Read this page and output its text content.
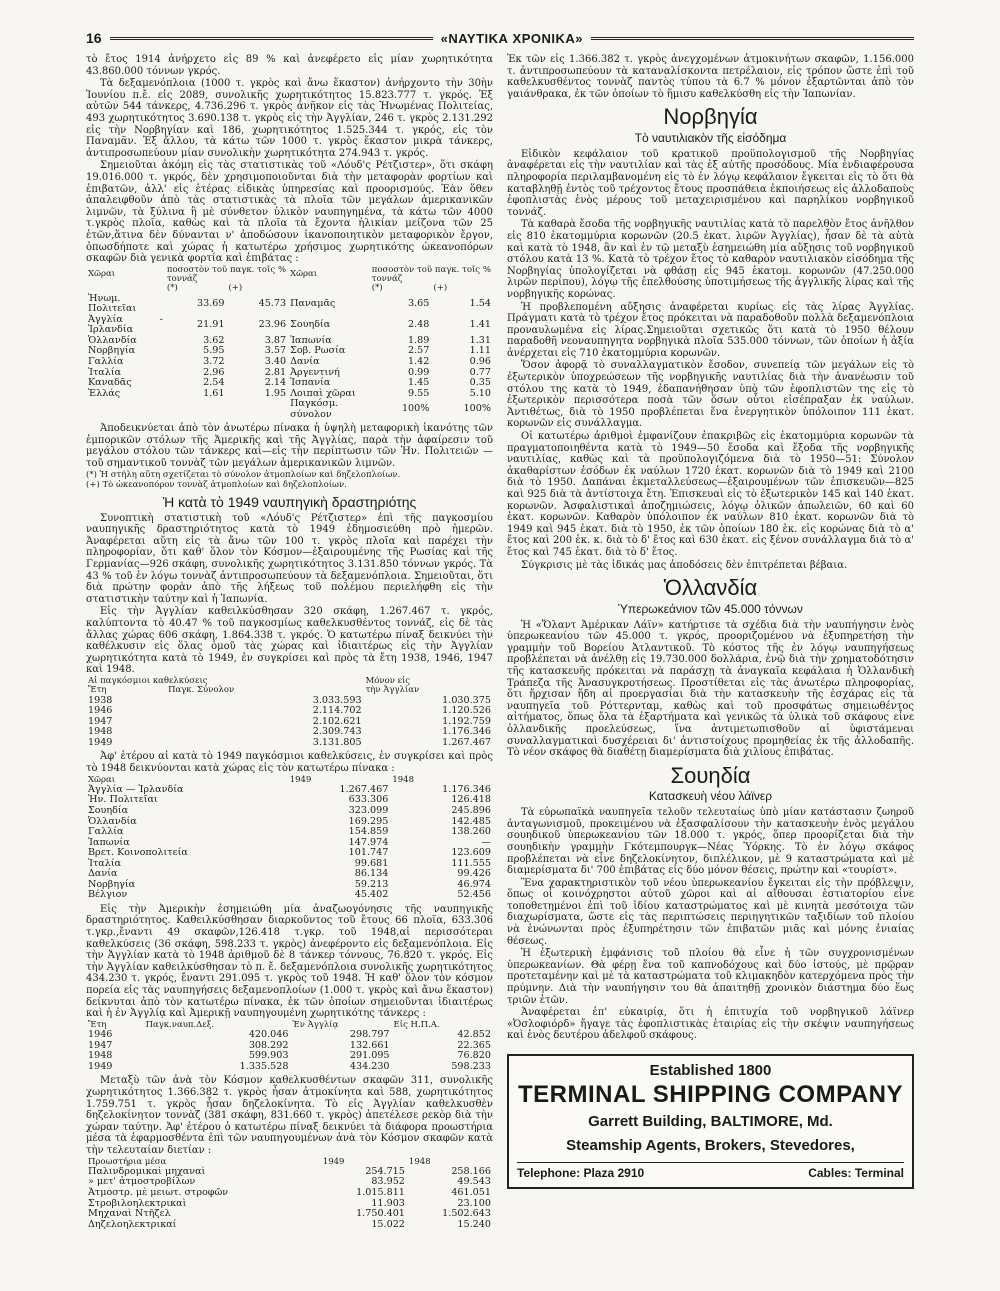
16	«ΝΑΥΤΙΚΑ ΧΡΟΝΙΚΑ»

τὸ ἔτος 1914 ἀνήρχετο εἰς 89 % καὶ ἀνεφέρετο εἰς μίαν χωρητικότητα 43.860.000 τόννων γκρός.

Τὰ δεξαμενόπλοια (1000 τ. γκρὸς καὶ ἄνω ἕκαστον) ἀνήρχοντο τὴν 30ὴν Ἰουνίου π.ἔ. εἰς 2089, συνολικῆς χωρητικότητος 15.823.777 τ. γκρός. Ἐξ αὐτῶν 544 τάνκερς, 4.736.296 τ. γκρὸς ἀνῆκον εἰς τὰς Ἡνωμένας Πολιτείας, 493 χωρητικότητος 3.690.138 τ. γκρὸς εἰς τὴν Ἀγγλίαν, 246 τ. γκρὸς 2.131.292 εἰς τὴν Νορβηγίαν καὶ 186, χωρητικότητος 1.525.344 τ. γκρός, εἰς τὸν Παναμᾶν. Ἐξ ἄλλου, τὰ κάτω τῶν 1000 τ. γκρὸς ἕκαστον μικρὰ τάνκερς, ἀντιπροσωπεύουν μίαν συνολικὴν χωρητικότητα 274.943 τ. γκρός.

Σημειοῦται ἀκόμη εἰς τὰς στατιστικὰς τοῦ «Λόυδ'ς Ρέτζιστερ», ὅτι σκάφη 19.016.000 τ. γκρός, δὲν χρησιμοποιοῦνται διὰ τὴν μεταφορὰν φορτίων καὶ ἐπιβατῶν, ἀλλ' εἰς ἑτέρας εἰδικὰς ὑπηρεσίας καὶ προορισμούς. Ἐὰν ὅθεν ἀπαλειφθοῦν ἀπὸ τὰς στατιστικὰς τὰ πλοῖα τῶν μεγάλων ἀμερικανικῶν λιμνῶν, τὰ ξύλινα ἢ μὲ σύνθετον ὑλικὸν ναυπηγημένα, τὰ κάτω τῶν 4000 τ.γκρὸς πλοῖα, καθὼς καὶ τὰ πλοῖα τὰ ἔχοντα ἡλικίαν μείζονα τῶν 25 ἐτῶν,ἅτινα δὲν δύνανται ν' ἀποδώσουν ἱκανοποιητικὸν μεταφορικὸν ἔργον, ὁπωσδήποτε καὶ χώρας ἡ κατωτέρω χρήσιμος χωρητικότης ὠκεανοπόρων σκαφῶν διὰ γενικὰ φορτία καὶ ἐπιβάτας :

Χῶραι	ποσοστὸν τοῦ παγκ. τοῖς % τοννάζ		Χῶραι	ποσοστὸν τοῦ παγκ. τοῖς % τοννάζ	
	(*)	(+)		(*)	(+)
Ἡνωμ. Πολιτεῖαι	33.69	45.73	Παναμᾶς	3.65	1.54
Ἀγγλία - Ἰρλανδία	21.91	23.96	Σουηδία	2.48	1.41
Ὁλλανδία	3.62	3.87	Ἰαπωνία	1.89	1.31
Νορβηγία	5.95	3.57	Σοβ. Ρωσία	2.57	1.11
Γαλλία	3.72	3.40	Δανία	1.42	0.96
Ἰταλία	2.96	2.81	Ἀργεντινή	0.99	0.77
Καναδᾶς	2.54	2.14	Ἱσπανία	1.45	0.35
Ἑλλάς	1.61	1.95	Λοιπαὶ χῶραι	9.55	5.10
			Παγκόσμ. σύνολον	100%	100%

Ἀποδεικνύεται ἀπὸ τὸν ἀνωτέρω πίνακα ἡ ὑψηλὴ μεταφορικὴ ἱκανότης τῶν ἐμπορικῶν στόλων τῆς Ἀμερικῆς καὶ τῆς Ἀγγλίας, παρὰ τὴν ἀφαίρεσιν τοῦ μεγάλου στόλου τῶν τάνκερς καὶ—εἰς τὴν περίπτωσιν τῶν Ἡν. Πολιτειῶν —τοῦ σημαντικοῦ τοννὰζ τῶν μεγάλων ἀμερικανικῶν λιμνῶν.

(*) Ἡ στήλη αὕτη σχετίζεται τὸ σύνολον ἀτμοπλοίων καὶ δηζελοπλοίων.
(+) Τὸ ὠκεανοπόρον τοννὰζ ἀτμοπλοίων καὶ δηζελοπλοίων.
Ἡ κατὰ τὸ 1949 ναυπηγικὴ δραστηριότης

Συνοπτικὴ στατιστικὴ τοῦ «Λόυδ'ς Ρέτζιστερ» ἐπὶ τῆς παγκοσμίου ναυπηγικῆς δραστηριότητος κατὰ τὸ 1949 ἐδημοσιεύθη πρὸ ἡμερῶν. Ἀναφέρεται αὕτη εἰς τὰ ἄνω τῶν 100 τ. γκρὸς πλοῖα καὶ παρέχει τὴν πληροφορίαν, ὅτι καθ' ὅλον τὸν Κόσμον—ἐξαιρουμένης τῆς Ρωσίας καὶ τῆς Γερμανίας—926 σκάφη, συνολικῆς χωρητικότητος 3.131.850 τόννων γκρός. Τὰ 43 % τοῦ ἐν λόγω τοννὰζ ἀντιπροσωπεύουν τὰ δεξαμενόπλοια. Σημειοῦται, ὅτι διὰ πρώτην φορὰν ἀπὸ τῆς λήξεως τοῦ πολέμου περιελήφθη εἰς τὴν στατιστικὴν ταύτην καὶ ἡ Ἰαπωνία.

Εἰς τὴν Ἀγγλίαν καθειλκύσθησαν 320 σκάφη, 1.267.467 τ. γκρός, καλύπτοντα τὸ 40.47 % τοῦ παγκοσμίως καθελκυσθέντος τοννάζ, εἰς δὲ τὰς ἄλλας χώρας 606 σκάφη, 1.864.338 τ. γκρός. Ὁ κατωτέρω πίναξ δεικνύει τὴν καθέλκυσιν εἰς ὅλας ὁμοῦ τὰς χώρας καὶ ἰδιαιτέρως εἰς τὴν Ἀγγλίαν χωρητικότητα κατὰ τὸ 1949, ἐν συγκρίσει καὶ πρὸς τὰ ἔτη 1938, 1946, 1947 καὶ 1948.

Αἱ παγκόσμιοι καθελκύσεις		Μόνον εἰς
Ἔτη	Παγκ. Σύνολον	τὴν Ἀγγλίαν
1938	3.033.593	1.030.375
1946	2.114.702	1.120.526
1947	2.102.621	1.192.759
1948	2.309.743	1.176.346
1949	3.131.805	1.267.467

Ἀφ' ἑτέρου αἱ κατὰ τὸ 1949 παγκόσμιοι καθελκύσεις, ἐν συγκρίσει καὶ πρὸς τὸ 1948 δεικνύονται κατὰ χώρας εἰς τὸν κατωτέρω πίνακα :

Χῶραι	1949	1948
Ἀγγλία — Ἰρλανδία	1.267.467	1.176.346
Ἡν. Πολιτεῖαι	633.306	126.418
Σουηδία	323.099	245.896
Ὁλλανδία	169.295	142.485
Γαλλία	154.859	138.260
Ἰαπωνία	147.974	—
Βρετ. Κοινοπολιτεία	101.747	123.609
Ἰταλία	99.681	111.555
Δανία	86.134	99.426
Νορβηγία	59.213	46.974
Βέλγιον	45.402	52.456

Εἰς τὴν Ἀμερικὴν ἐσημειώθη μία ἀναζωογόνησις τῆς ναυπηγικῆς δραστηριότητος. Καθειλκύσθησαν διαρκοῦντος τοῦ ἔτους 66 πλοῖα, 633.306 τ.γκρ.,ἔναντι 49 σκαφῶν,126.418 τ.γκρ. τοῦ 1948,αἱ περισσότεραι καθελκύσεις (36 σκάφη, 598.233 τ. γκρὸς) ἀνεφέροντο εἰς δεξαμενόπλοια. Εἰς τὴν Ἀγγλίαν κατὰ τὸ 1948 ἀριθμοῦ δὲ 8 τάνκερ τόννους, 76.820 τ. γκρός. Εἰς τὴν Ἀγγλίαν καθειλκύσθησαν τὸ π. ἔ. δεξαμενόπλοια συνολικῆς χωρητικότητος 434.230 τ. γκρός, ἔναντι 291.095 τ. γκρὸς τοῦ 1948. Ἡ καθ' ὅλον τὸν κόσμον πορεία εἰς τὰς ναυπηγήσεις δεξαμενοπλοίων (1.000 τ. γκρὸς καὶ ἄνω ἕκαστον) δείκνυται ἀπὸ τὸν κατωτέρω πίνακα, ἐκ τῶν ὁποίων σημειοῦνται ἰδιαιτέρως καὶ ἡ ἐν Ἀγγλίᾳ καὶ Ἀμερικῇ ναυπηγουμένη χωρητικότης τάνκερς :

Ἔτη	Παγκ.ναυπ.Δεξ.	Ἐν Ἀγγλίᾳ	Εἰς Η.Π.Α.
1946	420.046	298.797	42.852
1947	308.292	132.661	22.365
1948	599.903	291.095	76.820
1949	1.335.528	434.230	598.233

Μεταξὺ τῶν ἀνὰ τὸν Κόσμον καθελκυσθέντων σκαφῶν 311, συνολικῆς χωρητικότητος 1.366.382 τ. γκρὸς ἦσαν ἀτμοκίνητα καὶ 588, χωρητικότητος 1.759.751 τ. γκρὸς ἦσαν δηζελοκίνητα. Τὸ εἰς Ἀγγλίαν καθελκυσθὲν δηζελοκίνητον τοννὰζ (381 σκάφη, 831.660 τ. γκρὸς) ἀπετέλεσε ρεκὸρ διὰ τὴν χώραν ταύτην. Ἀφ' ἑτέρου ὁ κατωτέρω πίναξ δεικνύει τὰ διάφορα προωστήρια μέσα τὰ ἐφαρμοσθέντα ἐπὶ τῶν ναυπηγουμένων ἀνὰ τὸν Κόσμον σκαφῶν κατὰ τὴν τελευταίαν διετίαν :

Προωστήρια μέσα	1949	1948
Παλινδρομικαὶ μηχαναὶ	254.715	258.166
» μετ' ἀτμοστροβίλων	83.952	49.543
Ἀτμοστρ. μὲ μειωτ. στροφῶν	1.015.811	461.051
Στροβιλοηλεκτρικαὶ	11.903	23.100
Μηχαναὶ Ντῆζελ	1.750.401	1.502.643
Δηζελοηλεκτρικαί	15.022	15.240

Ἐκ τῶν εἰς 1.366.382 τ. γκρὸς ἀνεγχομένων ἀτμοκινήτων σκαφῶν, 1.156.000 τ. ἀντιπροσωπεύουν τὰ καταναλίσκοντα πετρέλαιον, εἰς τρόπον ὥστε ἐπὶ τοῦ καθελκυσθέντος τοννὰζ παντὸς τύπου τὰ 6.7 % μόνον ἐξαρτῶνται ἀπὸ τὸν γαιάνθρακα, ἐκ τῶν ὁποίων τὸ ἥμισυ καθελκύσθη εἰς τὴν Ἰαπωνίαν.

Νορβηγία
Τὸ ναυτιλιακὸν τῆς εἰσόδημα

Εἰδικὸν κεφάλαιον τοῦ κρατικοῦ προϋπολογισμοῦ τῆς Νορβηγίας ἀναφέρεται εἰς τὴν ναυτιλίαν καὶ τὰς ἐξ αὐτῆς προσόδους. Μία ἐνδιαφέρουσα πληροφορία περιλαμβανομένη εἰς τὸ ἐν λόγῳ κεφάλαιον ἔγκειται εἰς τὸ ὅτι θὰ καταβληθῇ ἐντὸς τοῦ τρέχοντος ἔτους προσπάθεια ἐκποιήσεως εἰς ἀλλοδαποὺς ἐφοπλιστὰς ἑνὸς μέρους τοῦ μεταχειρισμένου καὶ παρηλίκου νορβηγικοῦ τοννάζ.

Τὰ καθαρὰ ἔσοδα τῆς νορβηγικῆς ναυτιλίας κατὰ τὸ παρελθὸν ἔτος ἀνῆλθον εἰς 810 ἑκατομμύρια κορωνῶν (20.5 ἑκατ. λιρῶν Ἀγγλίας), ἦσαν δὲ τὰ αὐτὰ καὶ κατὰ τὸ 1948, ἂν καὶ ἐν τῷ μεταξὺ ἐσημειώθη μία αὔξησις τοῦ νορβηγικοῦ στόλου κατὰ 13 %. Κατὰ τὸ τρέχον ἔτος τὸ καθαρὸν ναυτιλιακὸν εἰσόδημα τῆς Νορβηγίας ὑπολογίζεται νὰ φθάσῃ εἰς 945 ἑκατομ. κορωνῶν (47.250.000 λιρῶν περίπου), λόγῳ τῆς ἐπελθούσης ὑποτιμήσεως τῆς ἀγγλικῆς λίρας καὶ τῆς νορβηγικῆς κορώνας.

Ἡ προβλεπομένη αὔξησις ἀναφέρεται κυρίως εἰς τὰς λίρας Ἀγγλίας. Πράγματι κατὰ τὸ τρέχον ἔτος πρόκειται νὰ παραδοθοῦν πολλὰ δεξαμενόπλοια προναυλωμένα εἰς λίρας.Σημειοῦται σχετικῶς ὅτι κατὰ τὸ 1950 θέλουν παραδοθῆ νεοναυπηγητα νορβηγικὰ πλοῖα 535.000 τόννων, τῶν ὁποίων ἡ ἀξία ἀνέρχεται εἰς 710 ἑκατομμύρια κορωνῶν.

Ὅσον ἀφορᾷ τὸ συναλλαγματικὸν ἔσοδον, συνεπείᾳ τῶν μεγάλων εἰς τὸ ἐξωτερικὸν ὑποχρεώσεων τῆς νορβηγικῆς ναυτιλίας διὰ τὴν ἀνανέωσιν τοῦ στόλου της κατὰ τὸ 1949, ἐδαπανήθησαν ὑπὸ τῶν ἐφοπλιστῶν της εἰς τὸ ἐξωτερικὸν περισσότερα ποσὰ τῶν ὅσων οὗτοι εἰσέπραξαν ἐκ ναύλων. Ἀντιθέτως, διὰ τὸ 1950 προβλέπεται ἕνα ἐνεργητικὸν ὑπόλοιπον 111 ἑκατ. κορωνῶν εἰς συνάλλαγμα.

Οἱ κατωτέρω ἀριθμοὶ ἐμφανίζουν ἐπακριβῶς εἰς ἑκατομμύρια κορωνῶν τὰ πραγματοποιηθέντα κατὰ τὸ 1949—50 ἔσοδα καὶ ἔξοδα τῆς νορβηγικῆς ναυτιλίας, καθὼς καὶ τὰ προϋπολογιζόμενα διὰ τὸ 1950—51: Σύνολον ἀκαθαρίστων ἐσόδων ἐκ ναύλων 1720 ἑκατ. κορωνῶν διὰ τὸ 1949 καὶ 2100 διὰ τὸ 1950. Δαπάναι ἐκμεταλλεύσεως—ἐξαιρουμένων τῶν ἐπισκευῶν—825 καὶ 925 διὰ τὰ ἀντίστοιχα ἔτη. Ἐπισκευαὶ εἰς τὸ ἐξωτερικὸν 145 καὶ 140 ἑκατ. κορωνῶν. Ἀσφαλιστικαὶ ἀποζημιώσεις, λόγῳ ὁλικῶν ἀπωλειῶν, 60 καὶ 60 ἑκατ. κορωνῶν. Καθαρὸν ὑπόλοιπον ἐκ ναύλων 810 ἑκατ. κορωνῶν διὰ τὸ 1949 καὶ 945 ἑκατ. διὰ τὸ 1950, ἐκ τῶν ὁποίων 180 ἑκ. εἰς κορώνας διὰ τὸ α' ἔτος καὶ 200 ἑκ. κ. διὰ τὸ δ' ἔτος καὶ 630 ἑκατ. εἰς ξένον συνάλλαγμα διὰ τὸ α' ἔτος καὶ 745 ἑκατ. διὰ τὸ δ' ἔτος.

Σύγκρισις μὲ τὰς ἰδικάς μας ἀποδόσεις δὲν ἐπιτρέπεται βέβαια.

Ὁλλανδία
Ὑπερωκεάνιον τῶν 45.000 τόννων

Ἡ «Ὅλαντ Ἀμέρικαν Λάϊν» κατήρτισε τὰ σχέδια διὰ τὴν ναυπήγησιν ἑνὸς ὑπερωκεανίου τῶν 45.000 τ. γκρός, προοριζομένου νὰ ἐξυπηρετήσῃ τὴν γραμμὴν τοῦ Βορείου Ἀτλαντικοῦ. Τὸ κόστος τῆς ἐν λόγῳ ναυπηγήσεως προβλέπεται νὰ ἀνέλθῃ εἰς 19.730.000 δολλάρια, ἐνῷ διὰ τὴν χρηματοδότησιν τῆς κατασκευῆς πρόκειται νὰ παράσχῃ τὰ ἀναγκαῖα κεφάλαια ἡ Ὁλλανδικὴ Τράπεζα τῆς Ἀνασυγκροτήσεως. Προστίθεται εἰς τὰς ἀνωτέρω πληροφορίας, ὅτι ἤρχισαν ἤδη αἱ προεργασίαι διὰ τὴν κατασκευὴν τῆς ἐσχάρας εἰς τὰ ναυπηγεῖα τοῦ Ρόττερνταμ, καθὼς καὶ τοῦ προσφάτως σημειωθέντος αἰτήματος, ὅπως ὅλα τὰ ἐξαρτήματα καὶ γενικῶς τὰ ὑλικὰ τοῦ σκάφους εἶνε ὁλλανδικῆς προελεύσεως, ἵνα ἀντιμετωπισθοῦν αἱ ὑφιστάμεναι συναλλαγματικαὶ δυσχέρειαι δι' ἀντιστοίχους προμηθείας ἐκ τῆς ἀλλοδαπῆς. Τὸ νέον σκάφος θὰ διαθέτῃ διαμερίσματα διὰ χιλίους ἐπιβάτας.

Σουηδία
Κατασκευὴ νέου λάϊνερ

Τὰ εὐρωπαϊκὰ ναυπηγεῖα τελοῦν τελευταίως ὑπὸ μίαν κατάστασιν ζωηροῦ ἀνταγωνισμοῦ, προκειμένου νὰ ἐξασφαλίσουν τὴν κατασκευὴν ἑνὸς μεγάλου σουηδικοῦ ὑπερωκεανίου τῶν 18.000 τ. γκρός, ὅπερ προορίζεται διὰ τὴν σουηδικὴν γραμμὴν Γκότεμπουργκ—Νέας Ὑόρκης. Τὸ ἐν λόγῳ σκάφος προβλέπεται νὰ εἶνε δηζελοκίνητον, διπλέλικον, μὲ 9 καταστρώματα καὶ μὲ διαμερίσματα δι' 700 ἐπιβάτας εἰς δύο μόνον θέσεις, πρώτην καὶ «τουρίστ».

Ἕνα χαρακτηριστικὸν τοῦ νέου ὑπερωκεανίου ἔγκειται εἰς τὴν πρόβλεψιν, ὅπως οἱ κοινόχρηστοι αὐτοῦ χῶροι καὶ αἱ αἴθουσαι ἑστιατορίου εἶνε τοποθετημένοι ἐπὶ τοῦ ἰδίου καταστρώματος καὶ μὲ κινητὰ μεσότοιχα τῶν διαχωρίσματα, ὥστε εἰς τὰς περιπτώσεις περιηγητικῶν ταξιδίων τοῦ πλοίου νὰ ἐνώνωνται πρὸς ἐξυπηρέτησιν τῶν ἐπιβατῶν μιᾶς καὶ μόνης ἑνιαίας θέσεως.

Ἡ ἐξωτερικὴ ἐμφάνισις τοῦ πλοίου θὰ εἶνε ἡ τῶν συγχρονισμένων ὑπερωκεανίων. Θὰ φέρῃ ἕνα τοῦ καπνοδόχους καὶ δύο ἱστούς, μὲ πρῷραν προτεταμένην καὶ μὲ τὰ καταστρώματα τοῦ κλιμακηδὸν κατερχόμενα πρὸς τὴν πρύμνην. Διὰ τὴν ναυπήγησιν του θὰ ἀπαιτηθῇ χρονικὸν διάστημα δύο ἕως τριῶν ἐτῶν.

Ἀναφέρεται ἐπ' εὐκαιρίᾳ, ὅτι ἡ ἐπιτυχία τοῦ νορβηγικοῦ λάϊνερ «Ὀσλοφιόρδ» ἤγαγε τὰς ἐφοπλιστικὰς ἑταιρίας εἰς τὴν σκέψιν ναυπηγήσεως καὶ ἑνὸς δευτέρου ἀδελφοῦ σκάφους.

Established 1800
TERMINAL SHIPPING COMPANY
Garrett Building, BALTIMORE, Md.
Steamship Agents, Brokers, Stevedores,
Telephone: Plaza 2910	Cables: Terminal
